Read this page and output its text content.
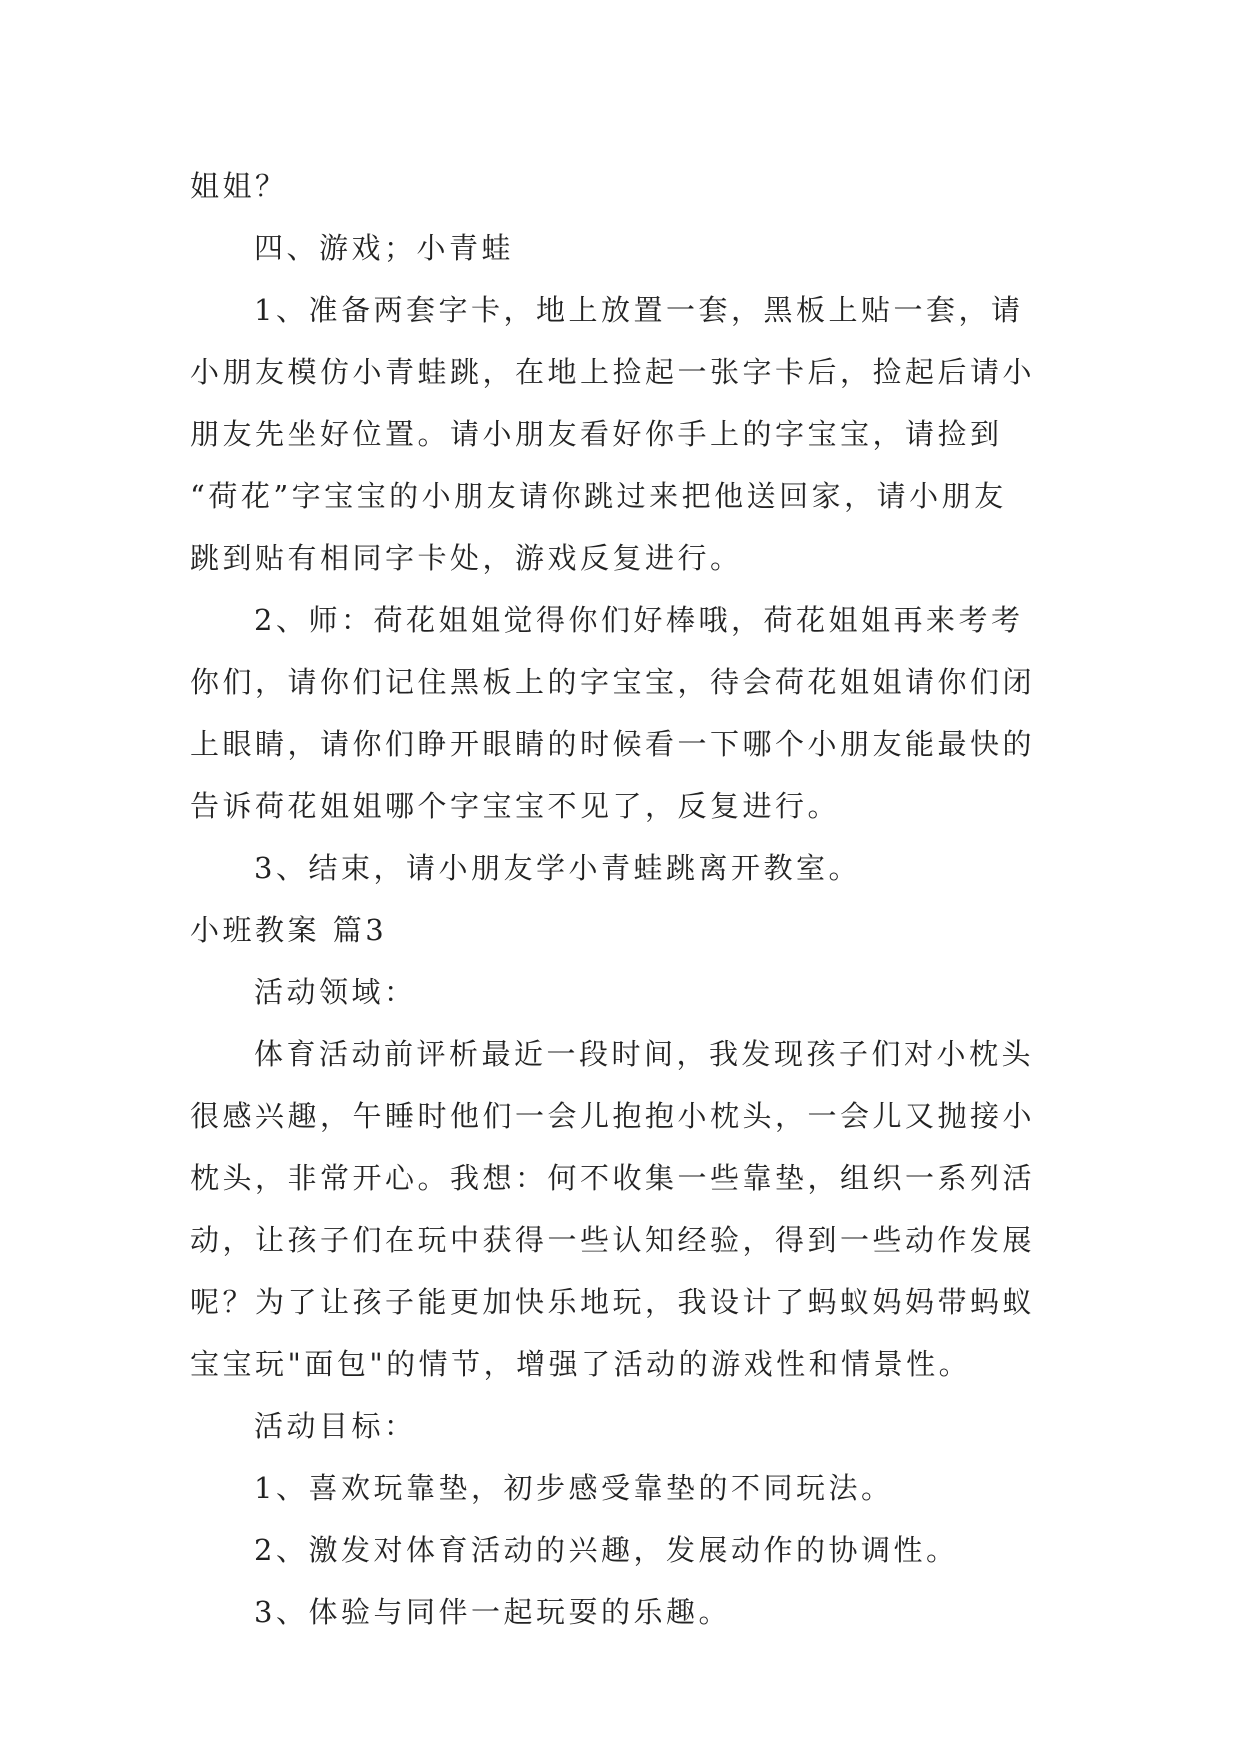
姐姐？
四、游戏；小青蛙
1、准备两套字卡，地上放置一套，黑板上贴一套，请
小朋友模仿小青蛙跳，在地上捡起一张字卡后，捡起后请小
朋友先坐好位置。请小朋友看好你手上的字宝宝，请捡到
“荷花”字宝宝的小朋友请你跳过来把他送回家，请小朋友
跳到贴有相同字卡处，游戏反复进行。
2、师：荷花姐姐觉得你们好棒哦，荷花姐姐再来考考
你们，请你们记住黑板上的字宝宝，待会荷花姐姐请你们闭
上眼睛，请你们睁开眼睛的时候看一下哪个小朋友能最快的
告诉荷花姐姐哪个字宝宝不见了，反复进行。
3、结束，请小朋友学小青蛙跳离开教室。
小班教案 篇3
活动领域：
体育活动前评析最近一段时间，我发现孩子们对小枕头
很感兴趣，午睡时他们一会儿抱抱小枕头，一会儿又抛接小
枕头，非常开心。我想：何不收集一些靠垫，组织一系列活
动，让孩子们在玩中获得一些认知经验，得到一些动作发展
呢？为了让孩子能更加快乐地玩，我设计了蚂蚁妈妈带蚂蚁
宝宝玩"面包"的情节，增强了活动的游戏性和情景性。
活动目标：
1、喜欢玩靠垫，初步感受靠垫的不同玩法。
2、激发对体育活动的兴趣，发展动作的协调性。
3、体验与同伴一起玩耍的乐趣。
